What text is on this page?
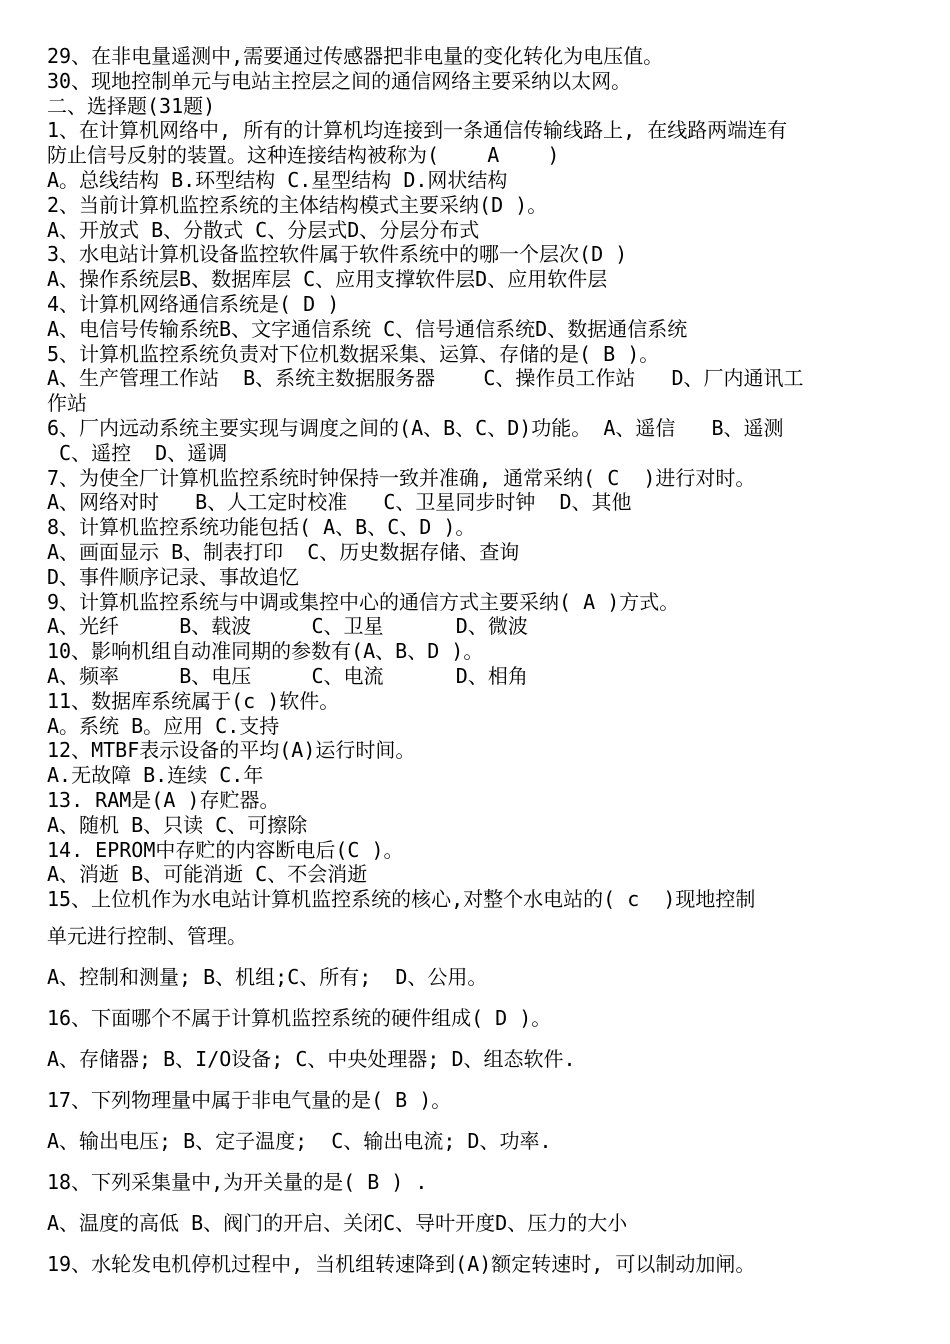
29、在非电量遥测中,需要通过传感器把非电量的变化转化为电压值。
30、现地控制单元与电站主控层之间的通信网络主要采纳以太网。
二、选择题(31题)
1、在计算机网络中, 所有的计算机均连接到一条通信传输线路上, 在线路两端连有
防止信号反射的装置。这种连接结构被称为(    A    )
A。总线结构 B.环型结构 C.星型结构 D.网状结构
2、当前计算机监控系统的主体结构模式主要采纳(D )。
A、开放式 B、分散式 C、分层式D、分层分布式
3、水电站计算机设备监控软件属于软件系统中的哪一个层次(D )
A、操作系统层B、数据库层 C、应用支撑软件层D、应用软件层
4、计算机网络通信系统是( D )
A、电信号传输系统B、文字通信系统 C、信号通信系统D、数据通信系统
5、计算机监控系统负责对下位机数据采集、运算、存储的是( B )。
A、生产管理工作站  B、系统主数据服务器    C、操作员工作站   D、厂内通讯工
作站
6、厂内远动系统主要实现与调度之间的(A、B、C、D)功能。 A、遥信   B、遥测
C、遥控  D、遥调
7、为使全厂计算机监控系统时钟保持一致并准确, 通常采纳( C  )进行对时。
A、网络对时   B、人工定时校准   C、卫星同步时钟  D、其他
8、计算机监控系统功能包括( A、B、C、D )。
A、画面显示 B、制表打印  C、历史数据存储、查询
D、事件顺序记录、事故追忆
9、计算机监控系统与中调或集控中心的通信方式主要采纳( A )方式。
A、光纤     B、载波     C、卫星      D、微波
10、影响机组自动准同期的参数有(A、B、D )。
A、频率     B、电压     C、电流      D、相角
11、数据库系统属于(c )软件。
A。系统 B。应用 C.支持
12、MTBF表示设备的平均(A)运行时间。
A.无故障 B.连续 C.年
13. RAM是(A )存贮器。
A、随机 B、只读 C、可擦除
14. EPROM中存贮的内容断电后(C )。
A、消逝 B、可能消逝 C、不会消逝
15、上位机作为水电站计算机监控系统的核心,对整个水电站的( c  )现地控制
单元进行控制、管理。
A、控制和测量; B、机组;C、所有;  D、公用。
16、下面哪个不属于计算机监控系统的硬件组成( D )。
A、存储器; B、I/O设备; C、中央处理器; D、组态软件.
17、下列物理量中属于非电气量的是( B )。
A、输出电压; B、定子温度;  C、输出电流; D、功率.
18、下列采集量中,为开关量的是( B ) .
A、温度的高低 B、阀门的开启、关闭C、导叶开度D、压力的大小
19、水轮发电机停机过程中, 当机组转速降到(A)额定转速时, 可以制动加闸。
